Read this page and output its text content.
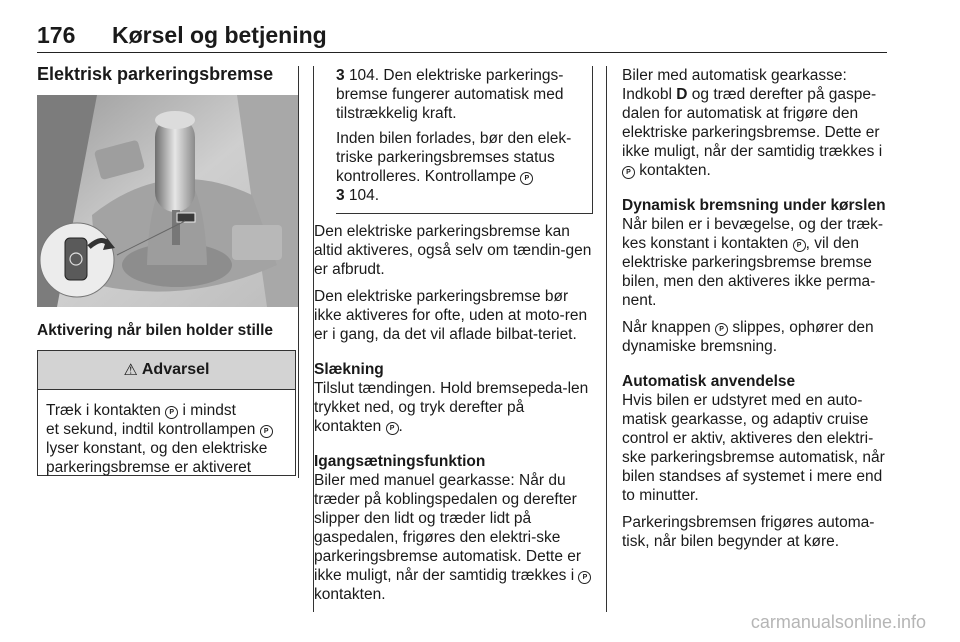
176 Kørsel og betjening
Elektrisk parkeringsbremse
Aktivering når bilen holder stille
⚠ Advarsel
Træk i kontakten P i mindst
et sekund, indtil kontrollampen P
lyser konstant, og den elektriske
parkeringsbremse er aktiveret

3 104. Den elektriske parkerings-bremse fungerer automatisk med tilstrækkelig kraft.

Inden bilen forlades, bør den elek-triske parkeringsbremses status kontrolleres. Kontrollampe P
3 104.

Den elektriske parkeringsbremse kan altid aktiveres, også selv om tændin-gen er afbrudt.

Den elektriske parkeringsbremse bør ikke aktiveres for ofte, uden at moto-ren er i gang, da det vil aflade bilbat-teriet.

Slækning

Tilslut tændingen. Hold bremsepeda-len trykket ned, og tryk derefter på kontakten P .

Igangsætningsfunktion

Biler med manuel gearkasse: Når du træder på koblingspedalen og derefter slipper den lidt og træder lidt på gaspedalen, frigøres den elektri-ske parkeringsbremse automatisk. Dette er ikke muligt, når der samtidig trækkes i P kontakten.

Biler med automatisk gearkasse: Indkobl D og træd derefter på gaspe-dalen for automatisk at frigøre den elektriske parkeringsbremse. Dette er ikke muligt, når der samtidig trækkes i P kontakten.

Dynamisk bremsning under kørslen

Når bilen er i bevægelse, og der træk-kes konstant i kontakten P , vil den elektriske parkeringsbremse bremse bilen, men den aktiveres ikke perma-nent.

Når knappen P slippes, ophører den dynamiske bremsning.

Automatisk anvendelse

Hvis bilen er udstyret med en auto-matisk gearkasse, og adaptiv cruise control er aktiv, aktiveres den elektri-ske parkeringsbremse automatisk, når bilen standses af systemet i mere end to minutter.

Parkeringsbremsen frigøres automa-tisk, når bilen begynder at køre.

carmanualsonline.info
